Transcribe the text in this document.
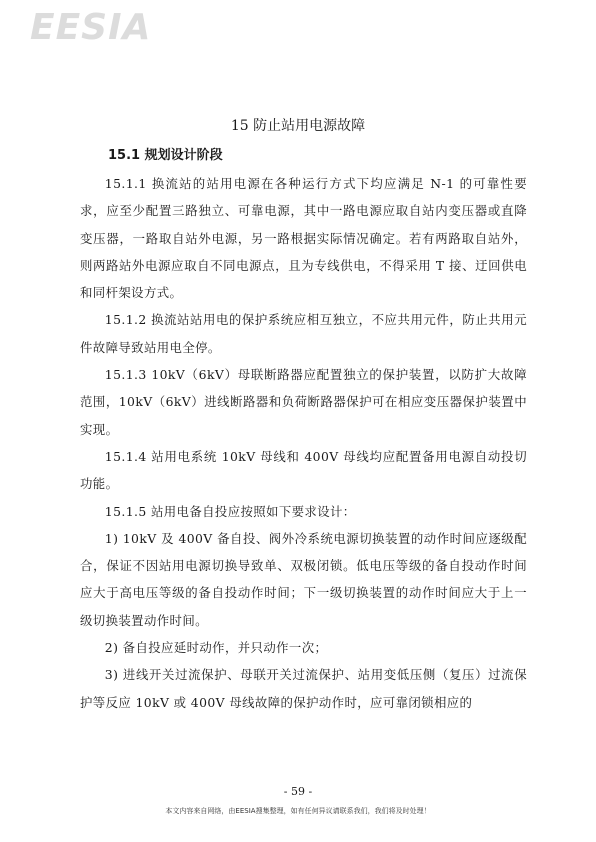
EESIA
15 防止站用电源故障
15.1 规划设计阶段

15.1.1 换流站的站用电源在各种运行方式下均应满足 N-1 的可靠性要求，应至少配置三路独立、可靠电源，其中一路电源应取自站内变压器或直降变压器，一路取自站外电源，另一路根据实际情况确定。若有两路取自站外，则两路站外电源应取自不同电源点，且为专线供电，不得采用 T 接、迂回供电和同杆架设方式。

15.1.2 换流站站用电的保护系统应相互独立，不应共用元件，防止共用元件故障导致站用电全停。

15.1.3 10kV（6kV）母联断路器应配置独立的保护装置，以防扩大故障范围，10kV（6kV）进线断路器和负荷断路器保护可在相应变压器保护装置中实现。

15.1.4 站用电系统 10kV 母线和 400V 母线均应配置备用电源自动投切功能。

15.1.5 站用电备自投应按照如下要求设计：

1) 10kV 及 400V 备自投、阀外冷系统电源切换装置的动作时间应逐级配合，保证不因站用电源切换导致单、双极闭锁。低电压等级的备自投动作时间应大于高电压等级的备自投动作时间；下一级切换装置的动作时间应大于上一级切换装置动作时间。

2) 备自投应延时动作，并只动作一次；

3) 进线开关过流保护、母联开关过流保护、站用变低压侧（复压）过流保护等反应 10kV 或 400V 母线故障的保护动作时，应可靠闭锁相应的

- 59 -
本文内容来自网络，由EESIA搜集整理，如有任何异议请联系我们，我们将及时处理！
